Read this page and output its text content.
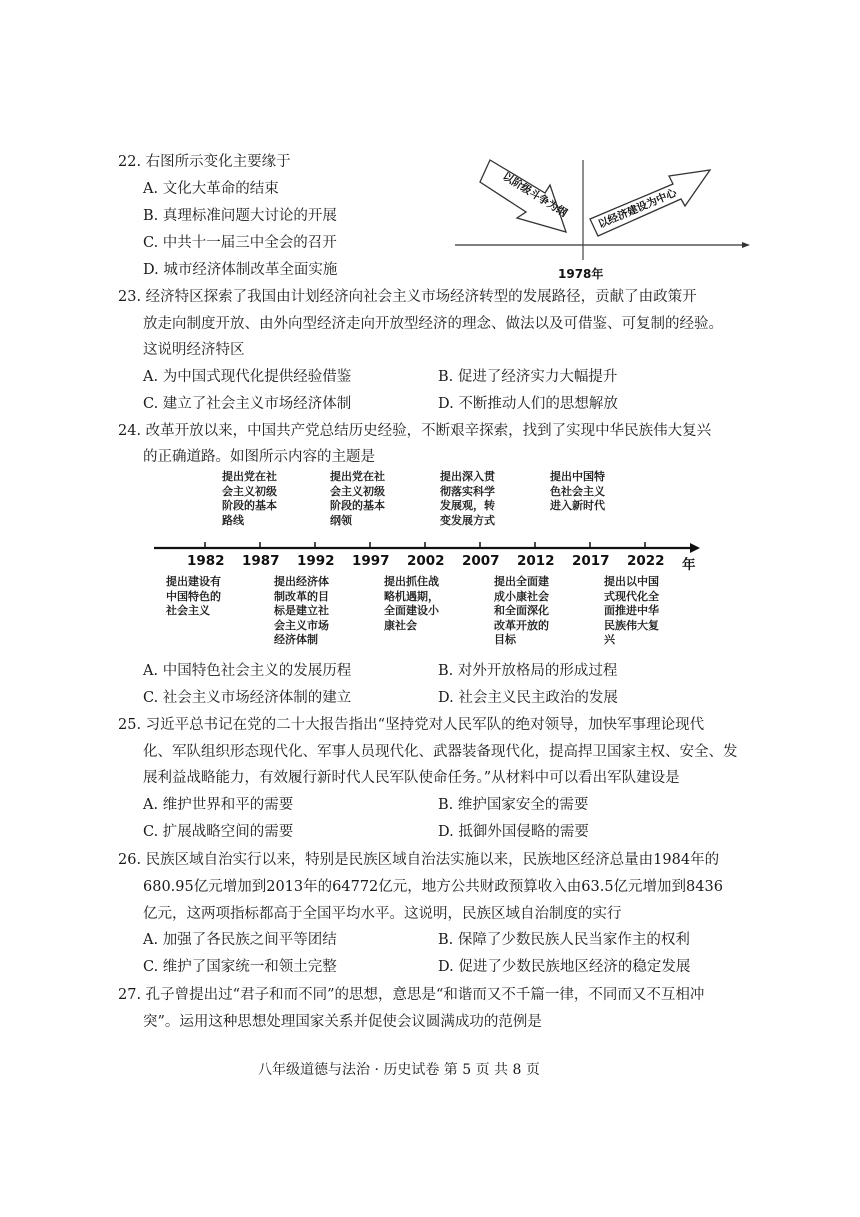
22. 右图所示变化主要缘于
A. 文化大革命的结束
B. 真理标准问题大讨论的开展
C. 中共十一届三中全会的召开
D. 城市经济体制改革全面实施
以阶级斗争为纲	以经济建设为中心
1978年
23. 经济特区探索了我国由计划经济向社会主义市场经济转型的发展路径，贡献了由政策开
放走向制度开放、由外向型经济走向开放型经济的理念、做法以及可借鉴、可复制的经验。
这说明经济特区
A. 为中国式现代化提供经验借鉴	B. 促进了经济实力大幅提升
C. 建立了社会主义市场经济体制	D. 不断推动人们的思想解放
24. 改革开放以来，中国共产党总结历史经验，不断艰辛探索，找到了实现中华民族伟大复兴
的正确道路。如图所示内容的主题是
提出党在社
会主义初级
阶段的基本
路线
提出党在社
会主义初级
阶段的基本
纲领
提出深入贯
彻落实科学
发展观，转
变发展方式
提出中国特
色社会主义
进入新时代
1982 1987 1992 1997 2002 2007 2012 2017 2022 年
提出建设有
中国特色的
社会主义
提出经济体
制改革的目
标是建立社
会主义市场
经济体制
提出抓住战
略机遇期，
全面建设小
康社会
提出全面建
成小康社会
和全面深化
改革开放的
目标
提出以中国
式现代化全
面推进中华
民族伟大复
兴
A. 中国特色社会主义的发展历程	B. 对外开放格局的形成过程
C. 社会主义市场经济体制的建立	D. 社会主义民主政治的发展
25. 习近平总书记在党的二十大报告指出“坚持党对人民军队的绝对领导，加快军事理论现代
化、军队组织形态现代化、军事人员现代化、武器装备现代化，提高捍卫国家主权、安全、发
展利益战略能力，有效履行新时代人民军队使命任务。”从材料中可以看出军队建设是
A. 维护世界和平的需要	B. 维护国家安全的需要
C. 扩展战略空间的需要	D. 抵御外国侵略的需要
26. 民族区域自治实行以来，特别是民族区域自治法实施以来，民族地区经济总量由1984年的
680.95亿元增加到2013年的64772亿元，地方公共财政预算收入由63.5亿元增加到8436
亿元，这两项指标都高于全国平均水平。这说明，民族区域自治制度的实行
A. 加强了各民族之间平等团结	B. 保障了少数民族人民当家作主的权利
C. 维护了国家统一和领土完整	D. 促进了少数民族地区经济的稳定发展
27. 孔子曾提出过“君子和而不同”的思想，意思是“和谐而又不千篇一律，不同而又不互相冲
突”。运用这种思想处理国家关系并促使会议圆满成功的范例是
八年级道德与法治 · 历史试卷 第 5 页 共 8 页
